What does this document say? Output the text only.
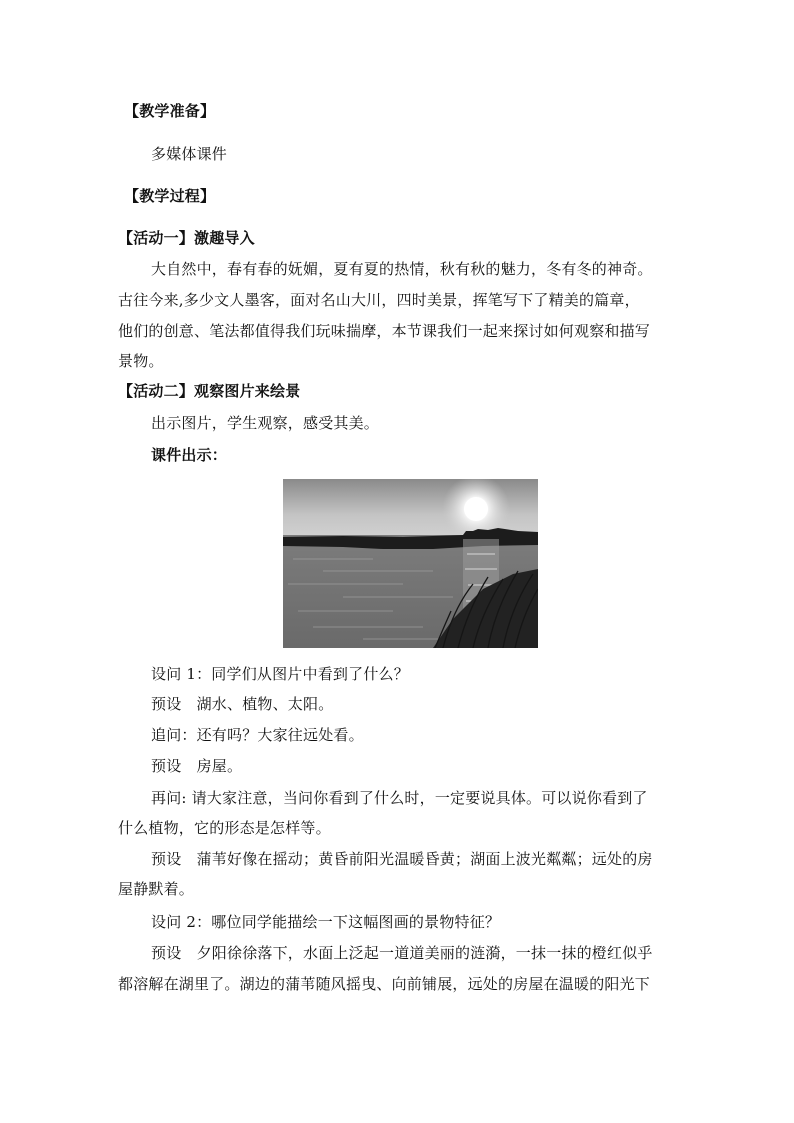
【教学准备】
多媒体课件
【教学过程】
【活动一】激趣导入
大自然中，春有春的妩媚，夏有夏的热情，秋有秋的魅力，冬有冬的神奇。
古往今来,多少文人墨客，面对名山大川，四时美景，挥笔写下了精美的篇章，
他们的创意、笔法都值得我们玩味揣摩，本节课我们一起来探讨如何观察和描写
景物。
【活动二】观察图片来绘景
出示图片，学生观察，感受其美。
课件出示：
设问 1：同学们从图片中看到了什么？
预设　湖水、植物、太阳。
追问：还有吗？大家往远处看。
预设　房屋。
再问: 请大家注意，当问你看到了什么时，一定要说具体。可以说你看到了
什么植物，它的形态是怎样等。
预设　蒲苇好像在摇动；黄昏前阳光温暖昏黄；湖面上波光粼粼；远处的房
屋静默着。
设问 2：哪位同学能描绘一下这幅图画的景物特征？
预设　夕阳徐徐落下，水面上泛起一道道美丽的涟漪，一抹一抹的橙红似乎
都溶解在湖里了。湖边的蒲苇随风摇曳、向前铺展，远处的房屋在温暖的阳光下
